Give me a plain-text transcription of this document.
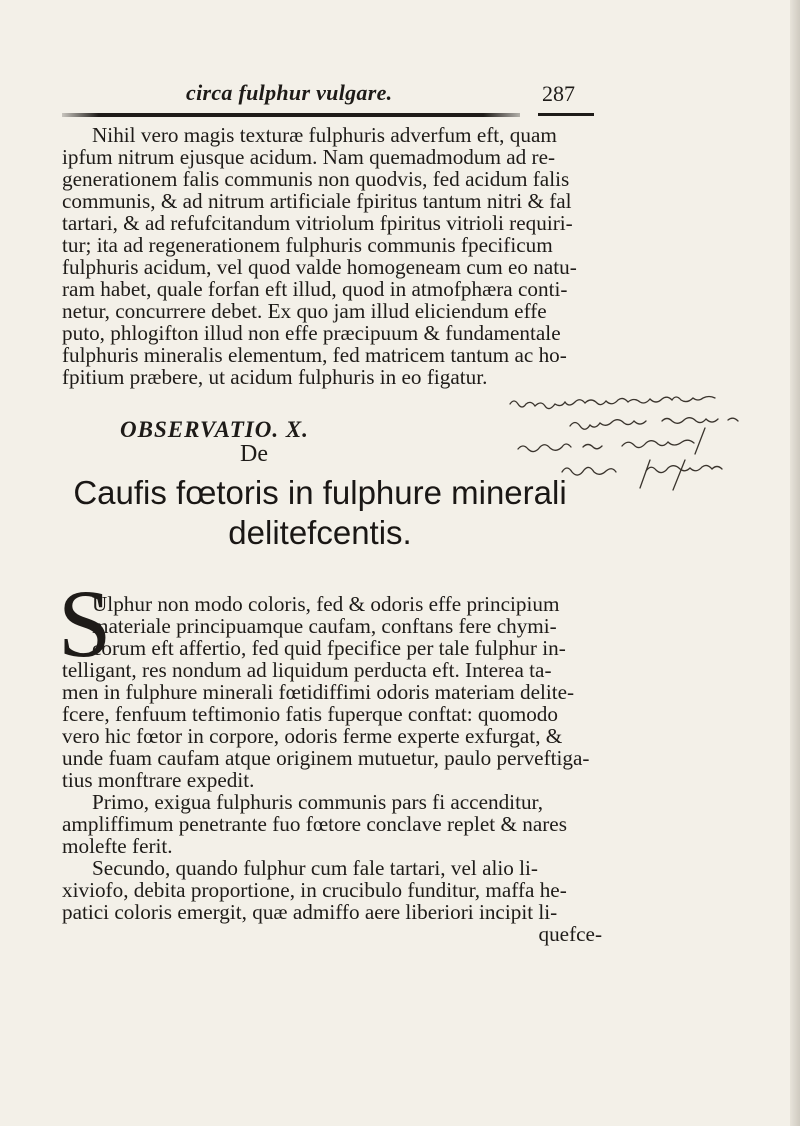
circa fulphur vulgare.	287
Nihil vero magis texturæ fulphuris adverfum eft, quam
ipfum nitrum ejusque acidum. Nam quemadmodum ad re-
generationem falis communis non quodvis, fed acidum falis
communis, & ad nitrum artificiale fpiritus tantum nitri & fal
tartari, & ad refufcitandum vitriolum fpiritus vitrioli requiri-
tur; ita ad regenerationem fulphuris communis fpecificum
fulphuris acidum, vel quod valde homogeneam cum eo natu-
ram habet, quale forfan eft illud, quod in atmofphæra conti-
netur, concurrere debet. Ex quo jam illud eliciendum effe
puto, phlogifton illud non effe præcipuum & fundamentale
fulphuris mineralis elementum, fed matricem tantum ac ho-
fpitium præbere, ut acidum fulphuris in eo figatur.
OBSERVATIO. X.
De
Caufis fœtoris in fulphure minerali
delitefcentis.
S
Ulphur non modo coloris, fed & odoris effe principium
materiale principuamque caufam, conftans fere chymi-
corum eft affertio, fed quid fpecifice per tale fulphur in-
telligant, res nondum ad liquidum perducta eft. Interea ta-
men in fulphure minerali fœtidiffimi odoris materiam delite-
fcere, fenfuum teftimonio fatis fuperque conftat: quomodo
vero hic fœtor in corpore, odoris ferme experte exfurgat, &
unde fuam caufam atque originem mutuetur, paulo perveftiga-
tius monftrare expedit.
Primo, exigua fulphuris communis pars fi accenditur,
ampliffimum penetrante fuo fœtore conclave replet & nares
molefte ferit.
Secundo, quando fulphur cum fale tartari, vel alio li-
xiviofo, debita proportione, in crucibulo funditur, maffa he-
patici coloris emergit, quæ admiffo aere liberiori incipit li-
quefce-
